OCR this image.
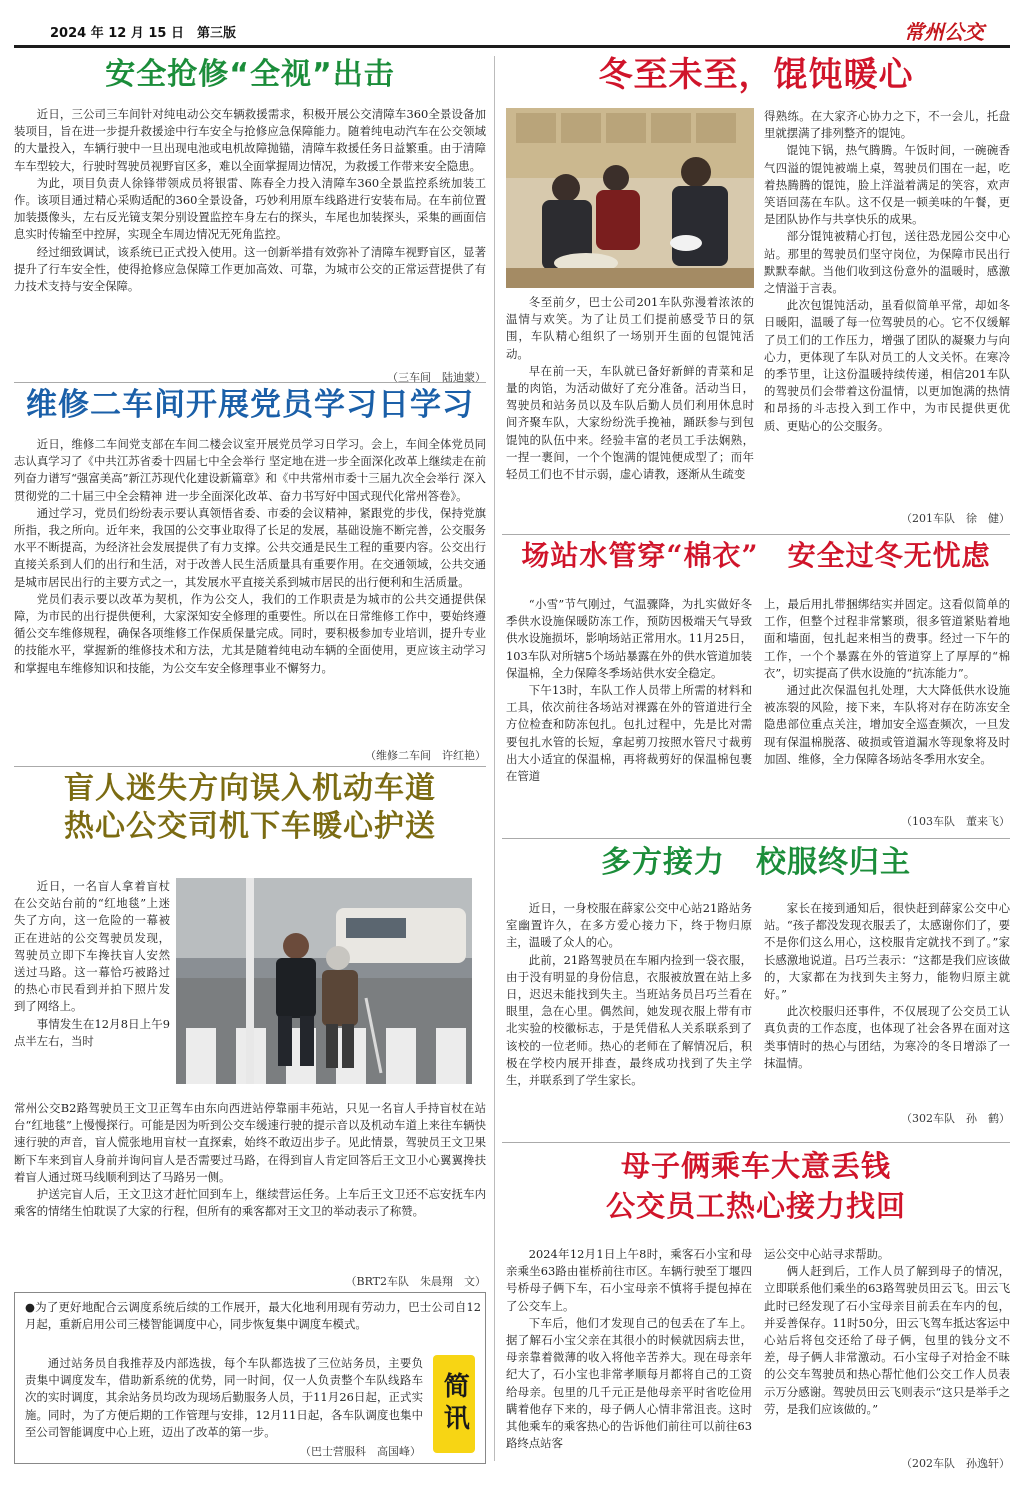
2024 年 12 月 15 日　第三版	常州公交
安全抢修“全视”出击

近日，三公司三车间针对纯电动公交车辆救援需求，积极开展公交清障车360全景设备加装项目，旨在进一步提升救援途中行车安全与抢修应急保障能力。随着纯电动汽车在公交领域的大量投入，车辆行驶中一旦出现电池或电机故障抛锚，清障车救援任务日益繁重。由于清障车车型较大，行驶时驾驶员视野盲区多，难以全面掌握周边情况，为救援工作带来安全隐患。

为此，项目负责人徐锋带领成员将银雷、陈春全力投入清障车360全景监控系统加装工作。该项目通过精心采购适配的360全景设备，巧妙利用原车线路进行安装布局。在车前位置加装摄像头，左右反光镜支架分别设置监控车身左右的探头，车尾也加装探头，采集的画面信息实时传输至中控屏，实现全车周边情况无死角监控。

经过细致调试，该系统已正式投入使用。这一创新举措有效弥补了清障车视野盲区，显著提升了行车安全性，使得抢修应急保障工作更加高效、可靠，为城市公交的正常运营提供了有力技术支持与安全保障。

（三车间　陆迪蒙）
维修二车间开展党员学习日学习

近日，维修二车间党支部在车间二楼会议室开展党员学习日学习。会上，车间全体党员同志认真学习了《中共江苏省委十四届七中全会举行 坚定地在进一步全面深化改革上继续走在前列奋力谱写“强富美高”新江苏现代化建设新篇章》和《中共常州市委十三届九次全会举行 深入贯彻党的二十届三中全会精神 进一步全面深化改革、奋力书写好中国式现代化常州答卷》。

通过学习，党员们纷纷表示要认真领悟省委、市委的会议精神，紧跟党的步伐，保持党旗所指，我之所向。近年来，我国的公交事业取得了长足的发展，基础设施不断完善，公交服务水平不断提高，为经济社会发展提供了有力支撑。公共交通是民生工程的重要内容。公交出行直接关系到人们的出行和生活，对于改善人民生活质量具有重要作用。在交通领域，公共交通是城市居民出行的主要方式之一，其发展水平直接关系到城市居民的出行便利和生活质量。

党员们表示要以改革为契机，作为公交人，我们的工作职责是为城市的公共交通提供保障，为市民的出行提供便利，大家深知安全修理的重要性。所以在日常维修工作中，要始终遵循公交车维修规程，确保各项维修工作保质保量完成。同时，要积极参加专业培训，提升专业的技能水平，掌握新的维修技术和方法，尤其是随着纯电动车辆的全面使用，更应该主动学习和掌握电车维修知识和技能，为公交车安全修理事业不懈努力。

（维修二车间　许红艳）
盲人迷失方向误入机动车道
热心公交司机下车暖心护送

近日，一名盲人拿着盲杖在公交站台前的“红地毯”上迷失了方向，这一危险的一幕被正在进站的公交驾驶员发现，驾驶员立即下车搀扶盲人安然送过马路。这一幕恰巧被路过的热心市民看到并拍下照片发到了网络上。

事情发生在12月8日上午9点半左右，当时

常州公交B2路驾驶员王文卫正驾车由东向西进站停靠丽丰苑站，只见一名盲人手持盲杖在站台“红地毯”上慢慢探行。可能是因为听到公交车缓速行驶的提示音以及机动车道上来往车辆快速行驶的声音，盲人慌张地用盲杖一直探索，始终不敢迈出步子。见此情景，驾驶员王文卫果断下车来到盲人身前并询问盲人是否需要过马路，在得到盲人肯定回答后王文卫小心翼翼搀扶着盲人通过斑马线顺利到达了马路另一侧。

护送完盲人后，王文卫这才赶忙回到车上，继续营运任务。上车后王文卫还不忘安抚车内乘客的情绪生怕耽误了大家的行程，但所有的乘客都对王文卫的举动表示了称赞。

（BRT2车队　朱晨翔　文）

●为了更好地配合云调度系统后续的工作展开，最大化地利用现有劳动力，巴士公司自12月起，重新启用公司三楼智能调度中心，同步恢复集中调度车模式。

通过站务员自我推荐及内部选拔，每个车队都选拔了三位站务员，主要负责集中调度发车，借助新系统的优势，同一时间，仅一人负责整个车队线路车次的实时调度，其余站务员均改为现场后勤服务人员，于11月26日起，正式实施。同时，为了方便后期的工作管理与安排，12月11日起，各车队调度也集中至公司智能调度中心上班，迈出了改革的第一步。

（巴士营服科　高国峰）
简讯
冬至未至，馄饨暖心

冬至前夕，巴士公司201车队弥漫着浓浓的温情与欢笑。为了让员工们提前感受节日的氛围，车队精心组织了一场别开生面的包馄饨活动。

早在前一天，车队就已备好新鲜的青菜和足量的肉馅，为活动做好了充分准备。活动当日，驾驶员和站务员以及车队后勤人员们利用休息时间齐聚车队，大家纷纷洗手挽袖，踊跃参与到包馄饨的队伍中来。经验丰富的老员工手法娴熟，一捏一裹间，一个个饱满的馄饨便成型了；而年轻员工们也不甘示弱，虚心请教，逐渐从生疏变

得熟练。在大家齐心协力之下，不一会儿，托盘里就摆满了排列整齐的馄饨。

馄饨下锅，热气腾腾。午饭时间，一碗碗香气四溢的馄饨被端上桌，驾驶员们围在一起，吃着热腾腾的馄饨，脸上洋溢着满足的笑容，欢声笑语回荡在车队。这不仅是一顿美味的午餐，更是团队协作与共享快乐的成果。

部分馄饨被精心打包，送往恐龙园公交中心站。那里的驾驶员们坚守岗位，为保障市民出行默默奉献。当他们收到这份意外的温暖时，感激之情溢于言表。

此次包馄饨活动，虽看似简单平常，却如冬日暖阳，温暖了每一位驾驶员的心。它不仅缓解了员工们的工作压力，增强了团队的凝聚力与向心力，更体现了车队对员工的人文关怀。在寒冷的季节里，让这份温暖持续传递，相信201车队的驾驶员们会带着这份温情，以更加饱满的热情和昂扬的斗志投入到工作中，为市民提供更优质、更贴心的公交服务。

（201车队　徐　健）
场站水管穿“棉衣”　安全过冬无忧虑

“小雪”节气刚过，气温骤降，为扎实做好冬季供水设施保暖防冻工作，预防因极端天气导致供水设施损坏，影响场站正常用水。11月25日，103车队对所辖5个场站暴露在外的供水管道加装保温棉，全力保障冬季场站供水安全稳定。

下午13时，车队工作人员带上所需的材料和工具，依次前往各场站对裸露在外的管道进行全方位检查和防冻包扎。包扎过程中，先是比对需要包扎水管的长短，拿起剪刀按照水管尺寸裁剪出大小适宜的保温棉，再将裁剪好的保温棉包裹在管道

上，最后用扎带捆绑结实并固定。这看似简单的工作，但整个过程非常繁琐，很多管道紧贴着地面和墙面，包扎起来相当的费事。经过一下午的工作，一个个暴露在外的管道穿上了厚厚的“棉衣”，切实提高了供水设施的“抗冻能力”。

通过此次保温包扎处理，大大降低供水设施被冻裂的风险，接下来，车队将对存在防冻安全隐患部位重点关注，增加安全巡查频次，一旦发现有保温棉脱落、破损或管道漏水等现象将及时加固、维修，全力保障各场站冬季用水安全。

（103车队　董来飞）
多方接力　校服终归主

近日，一身校服在薛家公交中心站21路站务室幽置许久，在多方爱心接力下，终于物归原主，温暖了众人的心。

此前，21路驾驶员在车厢内捡到一袋衣服，由于没有明显的身份信息，衣服被放置在站上多日，迟迟未能找到失主。当班站务员吕巧兰看在眼里，急在心里。偶然间，她发现衣服上带有市北实验的校徽标志，于是凭借私人关系联系到了该校的一位老师。热心的老师在了解情况后，积极在学校内展开排查，最终成功找到了失主学生，并联系到了学生家长。

家长在接到通知后，很快赶到薛家公交中心站。“孩子都没发现衣服丢了，太感谢你们了，要不是你们这么用心，这校服肯定就找不到了。”家长感激地说道。吕巧兰表示：“这都是我们应该做的，大家都在为找到失主努力，能物归原主就好。”

此次校服归还事件，不仅展现了公交员工认真负责的工作态度，也体现了社会各界在面对这类事情时的热心与团结，为寒冷的冬日增添了一抹温情。

（302车队　孙　鹤）
母子俩乘车大意丢钱
公交员工热心接力找回

2024年12月1日上午8时，乘客石小宝和母亲乘坐63路由崔桥前往市区。车辆行驶至丁堰四号桥母子俩下车，石小宝母亲不慎将手提包掉在了公交车上。

下车后，他们才发现自己的包丢在了车上。据了解石小宝父亲在其很小的时候就因病去世，母亲靠着微薄的收入将他辛苦养大。现在母亲年纪大了，石小宝也非常孝顺每月都将自己的工资给母亲。包里的几千元正是他母亲平时省吃俭用瞒着他存下来的，母子俩人心情非常沮丧。这时其他乘车的乘客热心的告诉他们前往可以前往63路终点站客

运公交中心站寻求帮助。

俩人赶到后，工作人员了解到母子的情况，立即联系他们乘坐的63路驾驶员田云飞。田云飞此时已经发现了石小宝母亲目前丢在车内的包，并妥善保存。11时50分，田云飞驾车抵达客运中心站后将包交还给了母子俩，包里的钱分文不差，母子俩人非常激动。石小宝母子对拾金不昧的公交车驾驶员和热心帮忙他们公交工作人员表示万分感谢。驾驶员田云飞则表示“这只是举手之劳，是我们应该做的。”

（202车队　孙逸轩）
